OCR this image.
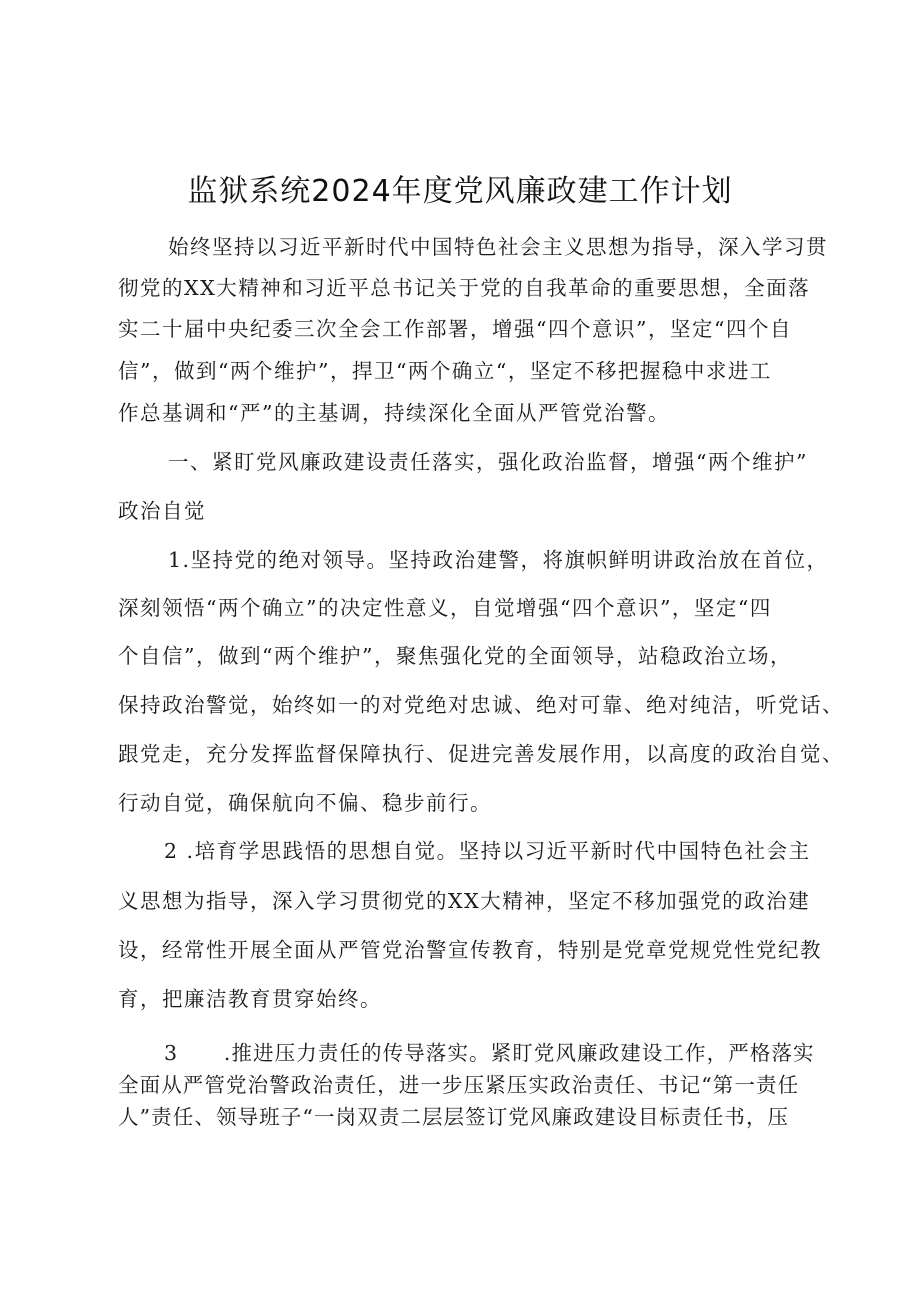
监狱系统2024年度党风廉政建工作计划
始终坚持以习近平新时代中国特色社会主义思想为指导，深入学习贯
彻党的XX大精神和习近平总书记关于党的自我革命的重要思想，全面落
实二十届中央纪委三次全会工作部署，增强“四个意识”，坚定“四个自
信”，做到“两个维护”，捍卫“两个确立“，坚定不移把握稳中求进工
作总基调和“严”的主基调，持续深化全面从严管党治警。
一、紧盯党风廉政建设责任落实，强化政治监督，增强“两个维护”
政治自觉
1.坚持党的绝对领导。坚持政治建警，将旗帜鲜明讲政治放在首位，
深刻领悟“两个确立”的决定性意义，自觉增强“四个意识”，坚定“四
个自信”，做到“两个维护”，聚焦强化党的全面领导，站稳政治立场，
保持政治警觉，始终如一的对党绝对忠诚、绝对可靠、绝对纯洁，听党话、
跟党走，充分发挥监督保障执行、促进完善发展作用，以高度的政治自觉、
行动自觉，确保航向不偏、稳步前行。
2 .培育学思践悟的思想自觉。坚持以习近平新时代中国特色社会主
义思想为指导，深入学习贯彻党的XX大精神，坚定不移加强党的政治建
设，经常性开展全面从严管党治警宣传教育，特别是党章党规党性党纪教
育，把廉洁教育贯穿始终。
3      .推进压力责任的传导落实。紧盯党风廉政建设工作，严格落实
全面从严管党治警政治责任，进一步压紧压实政治责任、书记“第一责任
人”责任、领导班子“一岗双责二层层签订党风廉政建设目标责任书，压
